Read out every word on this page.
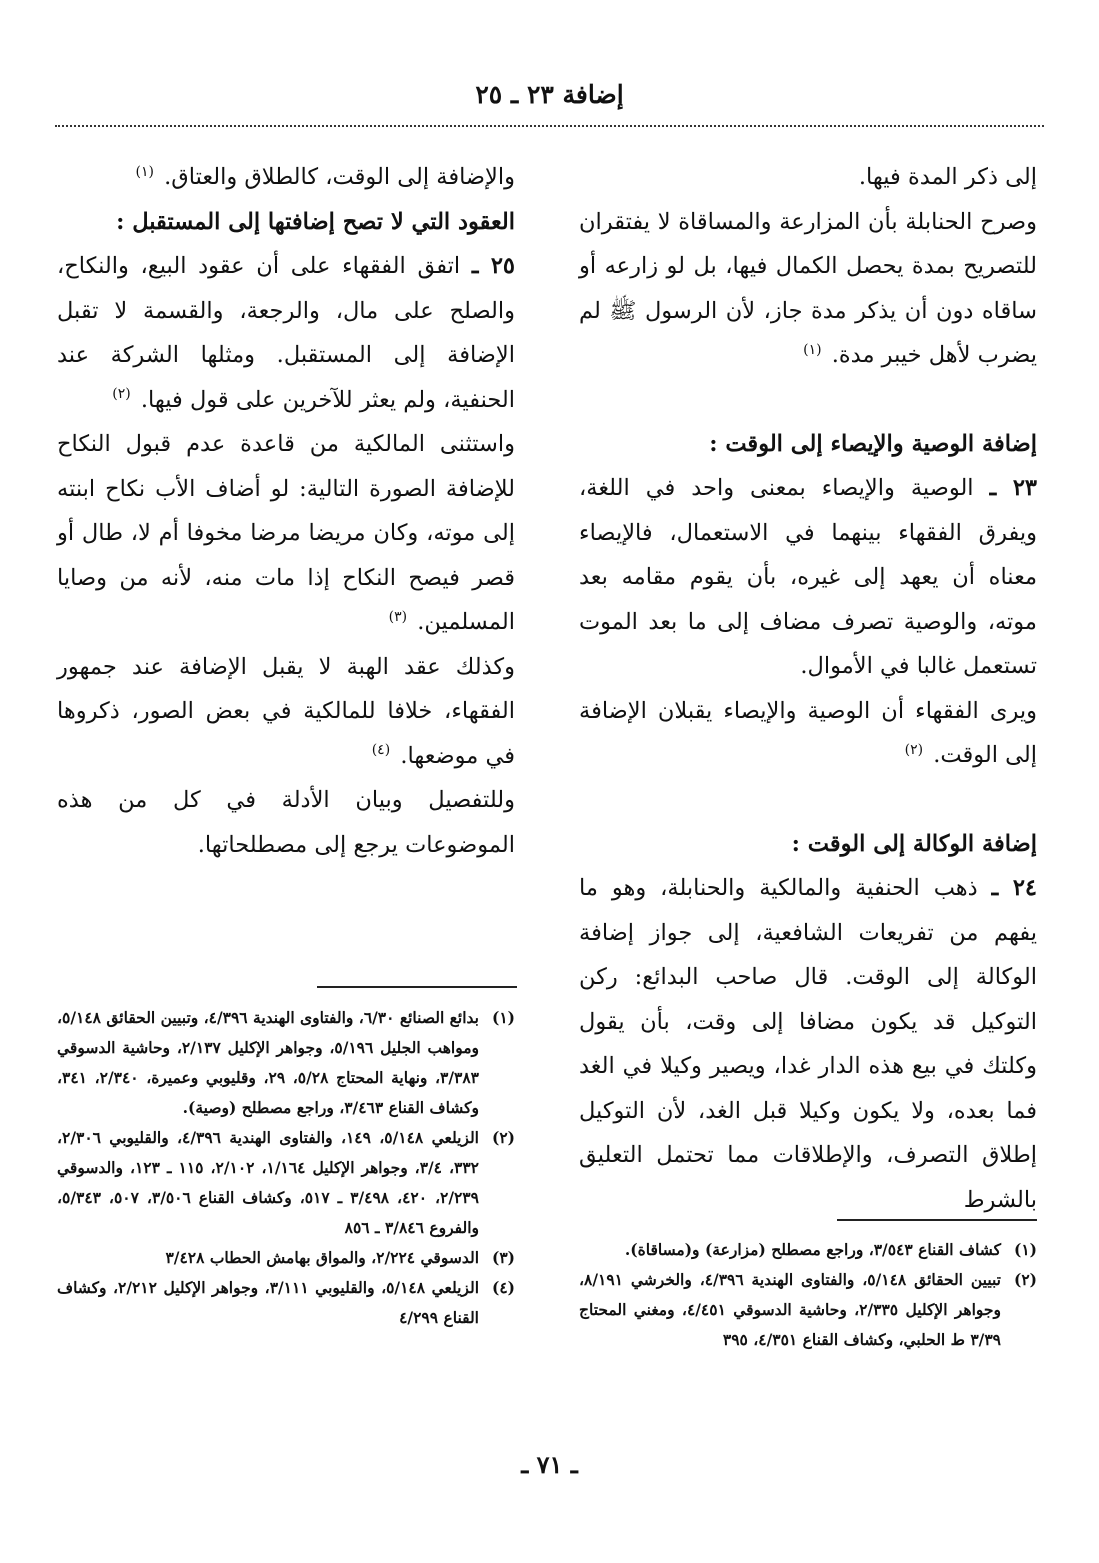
إضافة ٢٣ ـ ٢٥

إلى ذكر المدة فيها.

وصرح الحنابلة بأن المزارعة والمساقاة لا يفتقران للتصريح بمدة يحصل الكمال فيها، بل لو زارعه أو ساقاه دون أن يذكر مدة جاز، لأن الرسول ﷺ لم يضرب لأهل خيبر مدة. $^{(١)}$

إضافة الوصية والإيصاء إلى الوقت :

٢٣ ـ الوصية والإيصاء بمعنى واحد في اللغة، ويفرق الفقهاء بينهما في الاستعمال، فالإيصاء معناه أن يعهد إلى غيره، بأن يقوم مقامه بعد موته، والوصية تصرف مضاف إلى ما بعد الموت تستعمل غالبا في الأموال.

ويرى الفقهاء أن الوصية والإيصاء يقبلان الإضافة إلى الوقت. $^{(٢)}$

إضافة الوكالة إلى الوقت :

٢٤ ـ ذهب الحنفية والمالكية والحنابلة، وهو ما يفهم من تفريعات الشافعية، إلى جواز إضافة الوكالة إلى الوقت. قال صاحب البدائع: ركن التوكيل قد يكون مضافا إلى وقت، بأن يقول وكلتك في بيع هذه الدار غدا، ويصير وكيلا في الغد فما بعده، ولا يكون وكيلا قبل الغد، لأن التوكيل إطلاق التصرف، والإطلاقات مما تحتمل التعليق بالشرط

والإضافة إلى الوقت، كالطلاق والعتاق. $^{(١)}$

العقود التي لا تصح إضافتها إلى المستقبل :

٢٥ ـ اتفق الفقهاء على أن عقود البيع، والنكاح، والصلح على مال، والرجعة، والقسمة لا تقبل الإضافة إلى المستقبل. ومثلها الشركة عند الحنفية، ولم يعثر للآخرين على قول فيها. $^{(٢)}$

واستثنى المالكية من قاعدة عدم قبول النكاح للإضافة الصورة التالية: لو أضاف الأب نكاح ابنته إلى موته، وكان مريضا مرضا مخوفا أم لا، طال أو قصر فيصح النكاح إذا مات منه، لأنه من وصايا المسلمين. $^{(٣)}$

وكذلك عقد الهبة لا يقبل الإضافة عند جمهور الفقهاء، خلافا للمالكية في بعض الصور، ذكروها في موضعها. $^{(٤)}$

وللتفصيل وبيان الأدلة في كل من هذه الموضوعات يرجع إلى مصطلحاتها.

(١)
بدائع الصنائع ٦/٣٠، والفتاوى الهندية ٤/٣٩٦، وتبيين الحقائق ٥/١٤٨، ومواهب الجليل ٥/١٩٦، وجواهر الإكليل ٢/١٣٧، وحاشية الدسوقي ٣/٣٨٣، ونهاية المحتاج ٥/٢٨، ٢٩، وقليوبي وعميرة، ٢/٣٤٠، ٣٤١، وكشاف القناع ٣/٤٦٣، وراجع مصطلح (وصية).
(٢)
الزيلعي ٥/١٤٨، ١٤٩، والفتاوى الهندية ٤/٣٩٦، والقليوبي ٢/٣٠٦، ٣٣٢، ٣/٤، وجواهر الإكليل ١/١٦٤، ٢/١٠٢، ١١٥ ـ ١٢٣، والدسوقي ٢/٢٣٩، ٤٢٠، ٣/٤٩٨ ـ ٥١٧، وكشاف القناع ٣/٥٠٦، ٥٠٧، ٥/٣٤٣، والفروع ٣/٨٤٦ ـ ٨٥٦
(٣)
الدسوقي ٢/٢٢٤، والمواق بهامش الحطاب ٣/٤٢٨
(٤)
الزيلعي ٥/١٤٨، والقليوبي ٣/١١١، وجواهر الإكليل ٢/٢١٢، وكشاف القناع ٤/٢٩٩
(١)
كشاف القناع ٣/٥٤٣، وراجع مصطلح (مزارعة) و(مساقاة).
(٢)
تبيين الحقائق ٥/١٤٨، والفتاوى الهندية ٤/٣٩٦، والخرشي ٨/١٩١، وجواهر الإكليل ٢/٣٣٥، وحاشية الدسوقي ٤/٤٥١، ومغني المحتاج ٣/٣٩ ط الحلبي، وكشاف القناع ٤/٣٥١، ٣٩٥
ـ ٧١ ـ
